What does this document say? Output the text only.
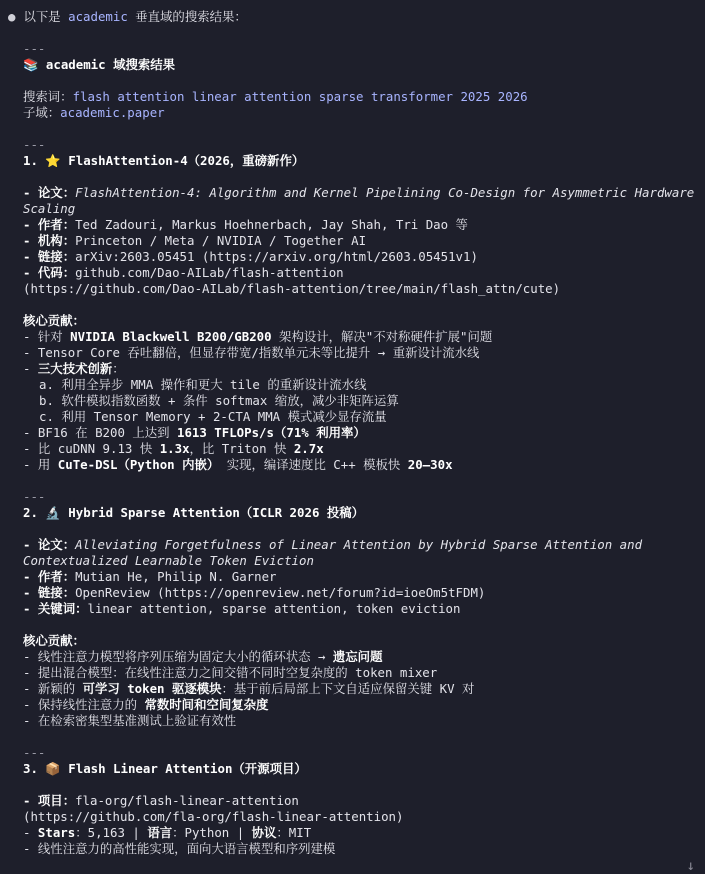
● 以下是 academic 垂直域的搜索结果：
---
📚 academic 域搜索结果
搜索词：flash attention linear attention sparse transformer 2025 2026
子域：academic.paper
---
1. ⭐ FlashAttention-4（2026，重磅新作）
- 论文：FlashAttention-4: Algorithm and Kernel Pipelining Co-Design for Asymmetric Hardware Scaling
- 作者：Ted Zadouri, Markus Hoehnerbach, Jay Shah, Tri Dao 等
- 机构：Princeton / Meta / NVIDIA / Together AI
- 链接：arXiv:2603.05451 (https://arxiv.org/html/2603.05451v1)
- 代码：github.com/Dao-AILab/flash-attention
(https://github.com/Dao-AILab/flash-attention/tree/main/flash_attn/cute)
核心贡献：
- 针对 NVIDIA Blackwell B200/GB200 架构设计，解决"不对称硬件扩展"问题
- Tensor Core 吞吐翻倍，但显存带宽/指数单元未等比提升 → 重新设计流水线
- 三大技术创新：
a. 利用全异步 MMA 操作和更大 tile 的重新设计流水线
b. 软件模拟指数函数 + 条件 softmax 缩放，减少非矩阵运算
c. 利用 Tensor Memory + 2-CTA MMA 模式减少显存流量
- BF16 在 B200 上达到 1613 TFLOPs/s（71% 利用率）
- 比 cuDNN 9.13 快 1.3x，比 Triton 快 2.7x
- 用 CuTe-DSL（Python 内嵌） 实现，编译速度比 C++ 模板快 20–30x
---
2. 🔬 Hybrid Sparse Attention（ICLR 2026 投稿）
- 论文：Alleviating Forgetfulness of Linear Attention by Hybrid Sparse Attention and Contextualized Learnable Token Eviction
- 作者：Mutian He, Philip N. Garner
- 链接：OpenReview (https://openreview.net/forum?id=ioeOm5tFDM)
- 关键词：linear attention, sparse attention, token eviction
核心贡献：
- 线性注意力模型将序列压缩为固定大小的循环状态 → 遗忘问题
- 提出混合模型：在线性注意力之间交错不同时空复杂度的 token mixer
- 新颖的 可学习 token 驱逐模块：基于前后局部上下文自适应保留关键 KV 对
- 保持线性注意力的 常数时间和空间复杂度
- 在检索密集型基准测试上验证有效性
---
3. 📦 Flash Linear Attention（开源项目）
- 项目：fla-org/flash-linear-attention
(https://github.com/fla-org/flash-linear-attention)
- Stars：5,163 | 语言：Python | 协议：MIT
- 线性注意力的高性能实现，面向大语言模型和序列建模
↓
